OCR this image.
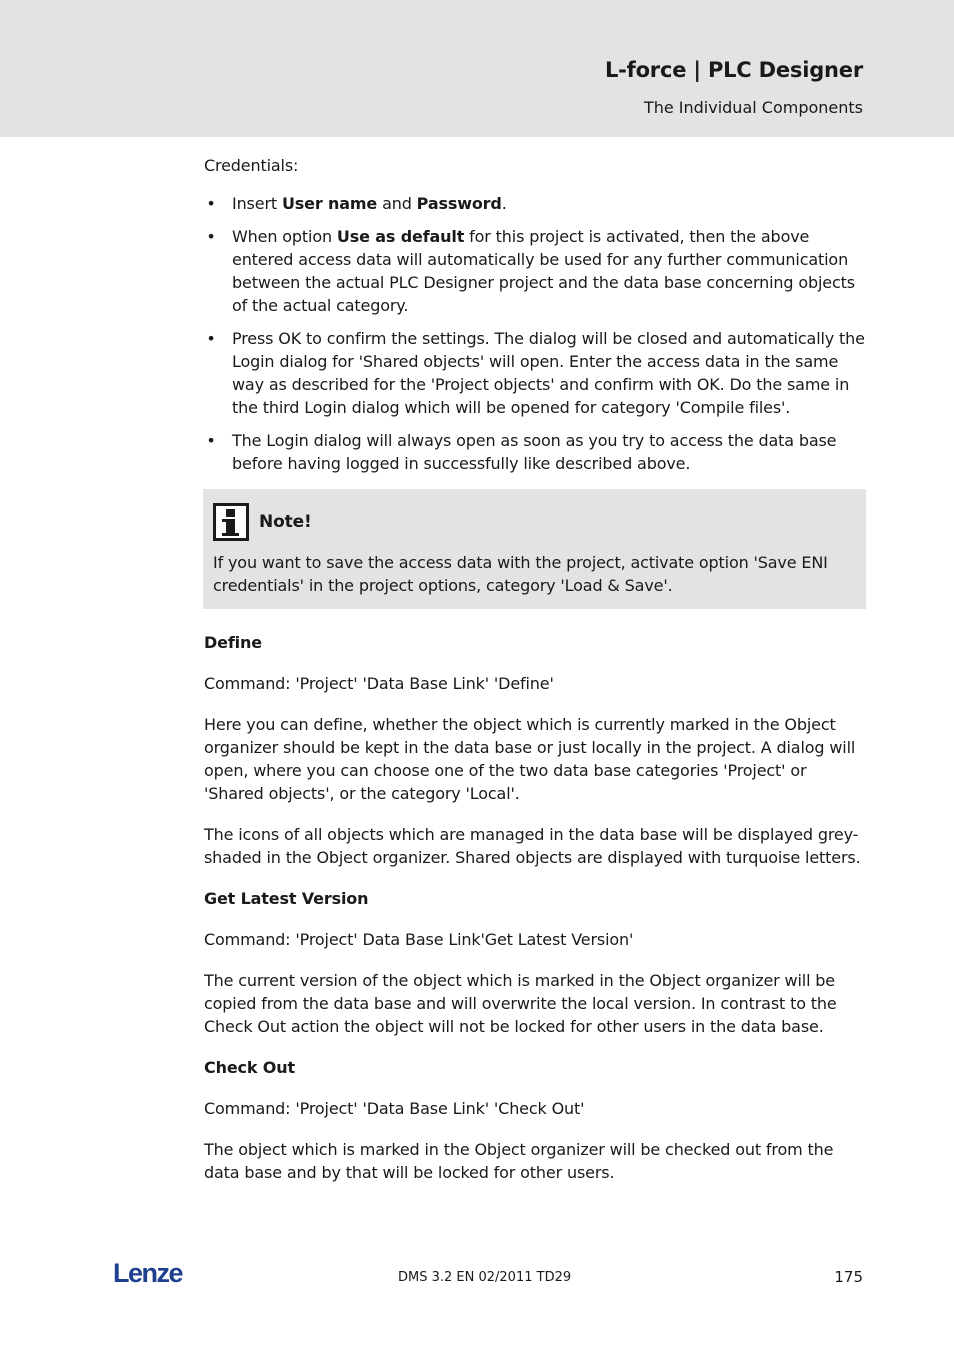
L-force | PLC Designer
The Individual Components
Credentials:
• Insert User name and Password.
• When option Use as default for this project is activated, then the above entered access data will automatically be used for any further communication between the actual PLC Designer project and the data base concerning objects of the actual category.
• Press OK to confirm the settings. The dialog will be closed and automatically the Login dialog for 'Shared objects' will open. Enter the access data in the same way as described for the 'Project objects' and confirm with OK. Do the same in the third Login dialog which will be opened for category 'Compile files'.
• The Login dialog will always open as soon as you try to access the data base before having logged in successfully like described above.
Note!

If you want to save the access data with the project, activate option 'Save ENI credentials' in the project options, category 'Load & Save'.

Define
Command: 'Project' 'Data Base Link' 'Define'
Here you can define, whether the object which is currently marked in the Object organizer should be kept in the data base or just locally in the project. A dialog will open, where you can choose one of the two data base categories 'Project' or 'Shared objects', or the category 'Local'.
The icons of all objects which are managed in the data base will be displayed grey-shaded in the Object organizer. Shared objects are displayed with turquoise letters.
Get Latest Version
Command: 'Project' Data Base Link'Get Latest Version'
The current version of the object which is marked in the Object organizer will be copied from the data base and will overwrite the local version. In contrast to the Check Out action the object will not be locked for other users in the data base.
Check Out
Command: 'Project' 'Data Base Link' 'Check Out'
The object which is marked in the Object organizer will be checked out from the data base and by that will be locked for other users.
Lenze	DMS 3.2 EN 02/2011 TD29	175
